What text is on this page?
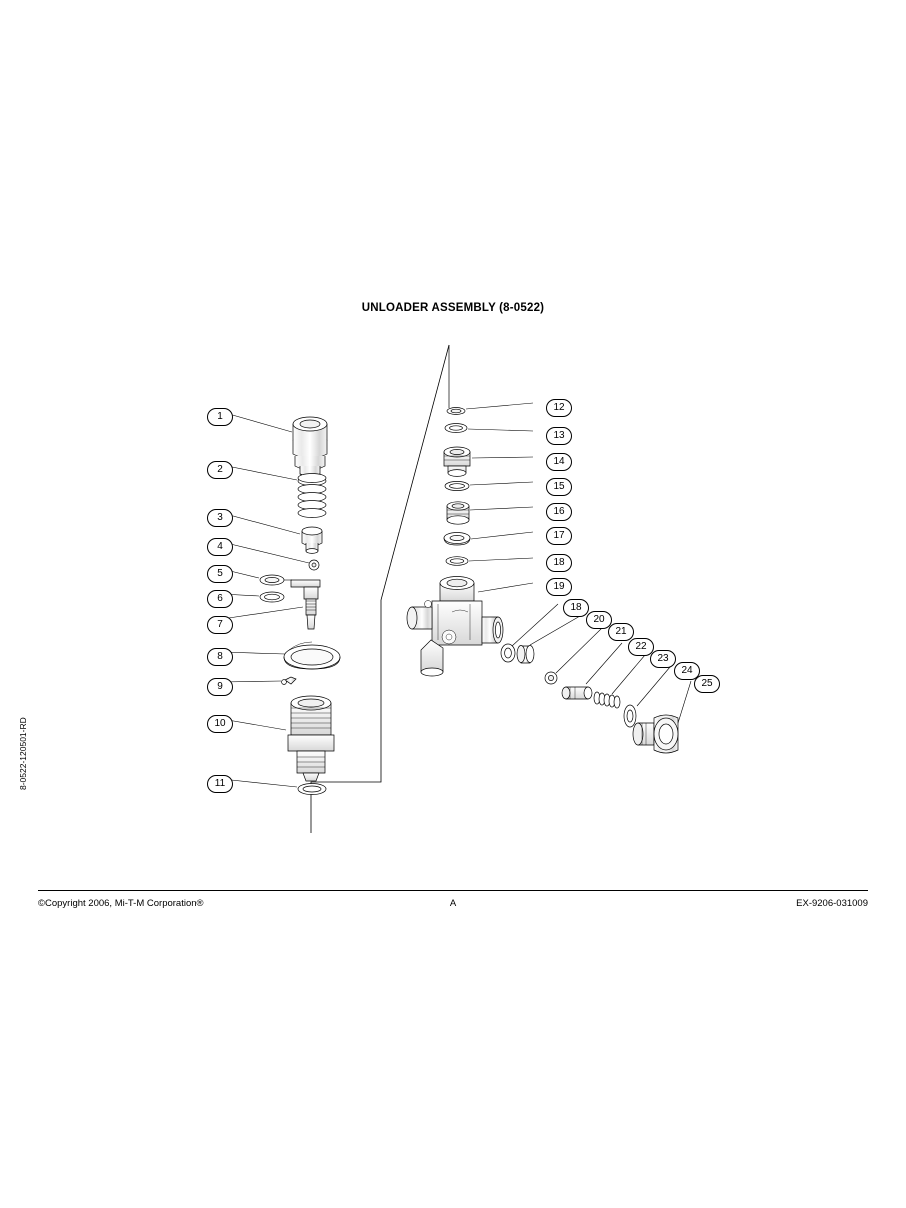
UNLOADER ASSEMBLY (8-0522)
1
2
3
4
5
6
7
8
9
10
11
12
13
14
15
16
17
18
19
18
20
21
22
23
24
25
8-0522-120501-RD
©Copyright 2006, Mi-T-M Corporation®	A	EX-9206-031009
